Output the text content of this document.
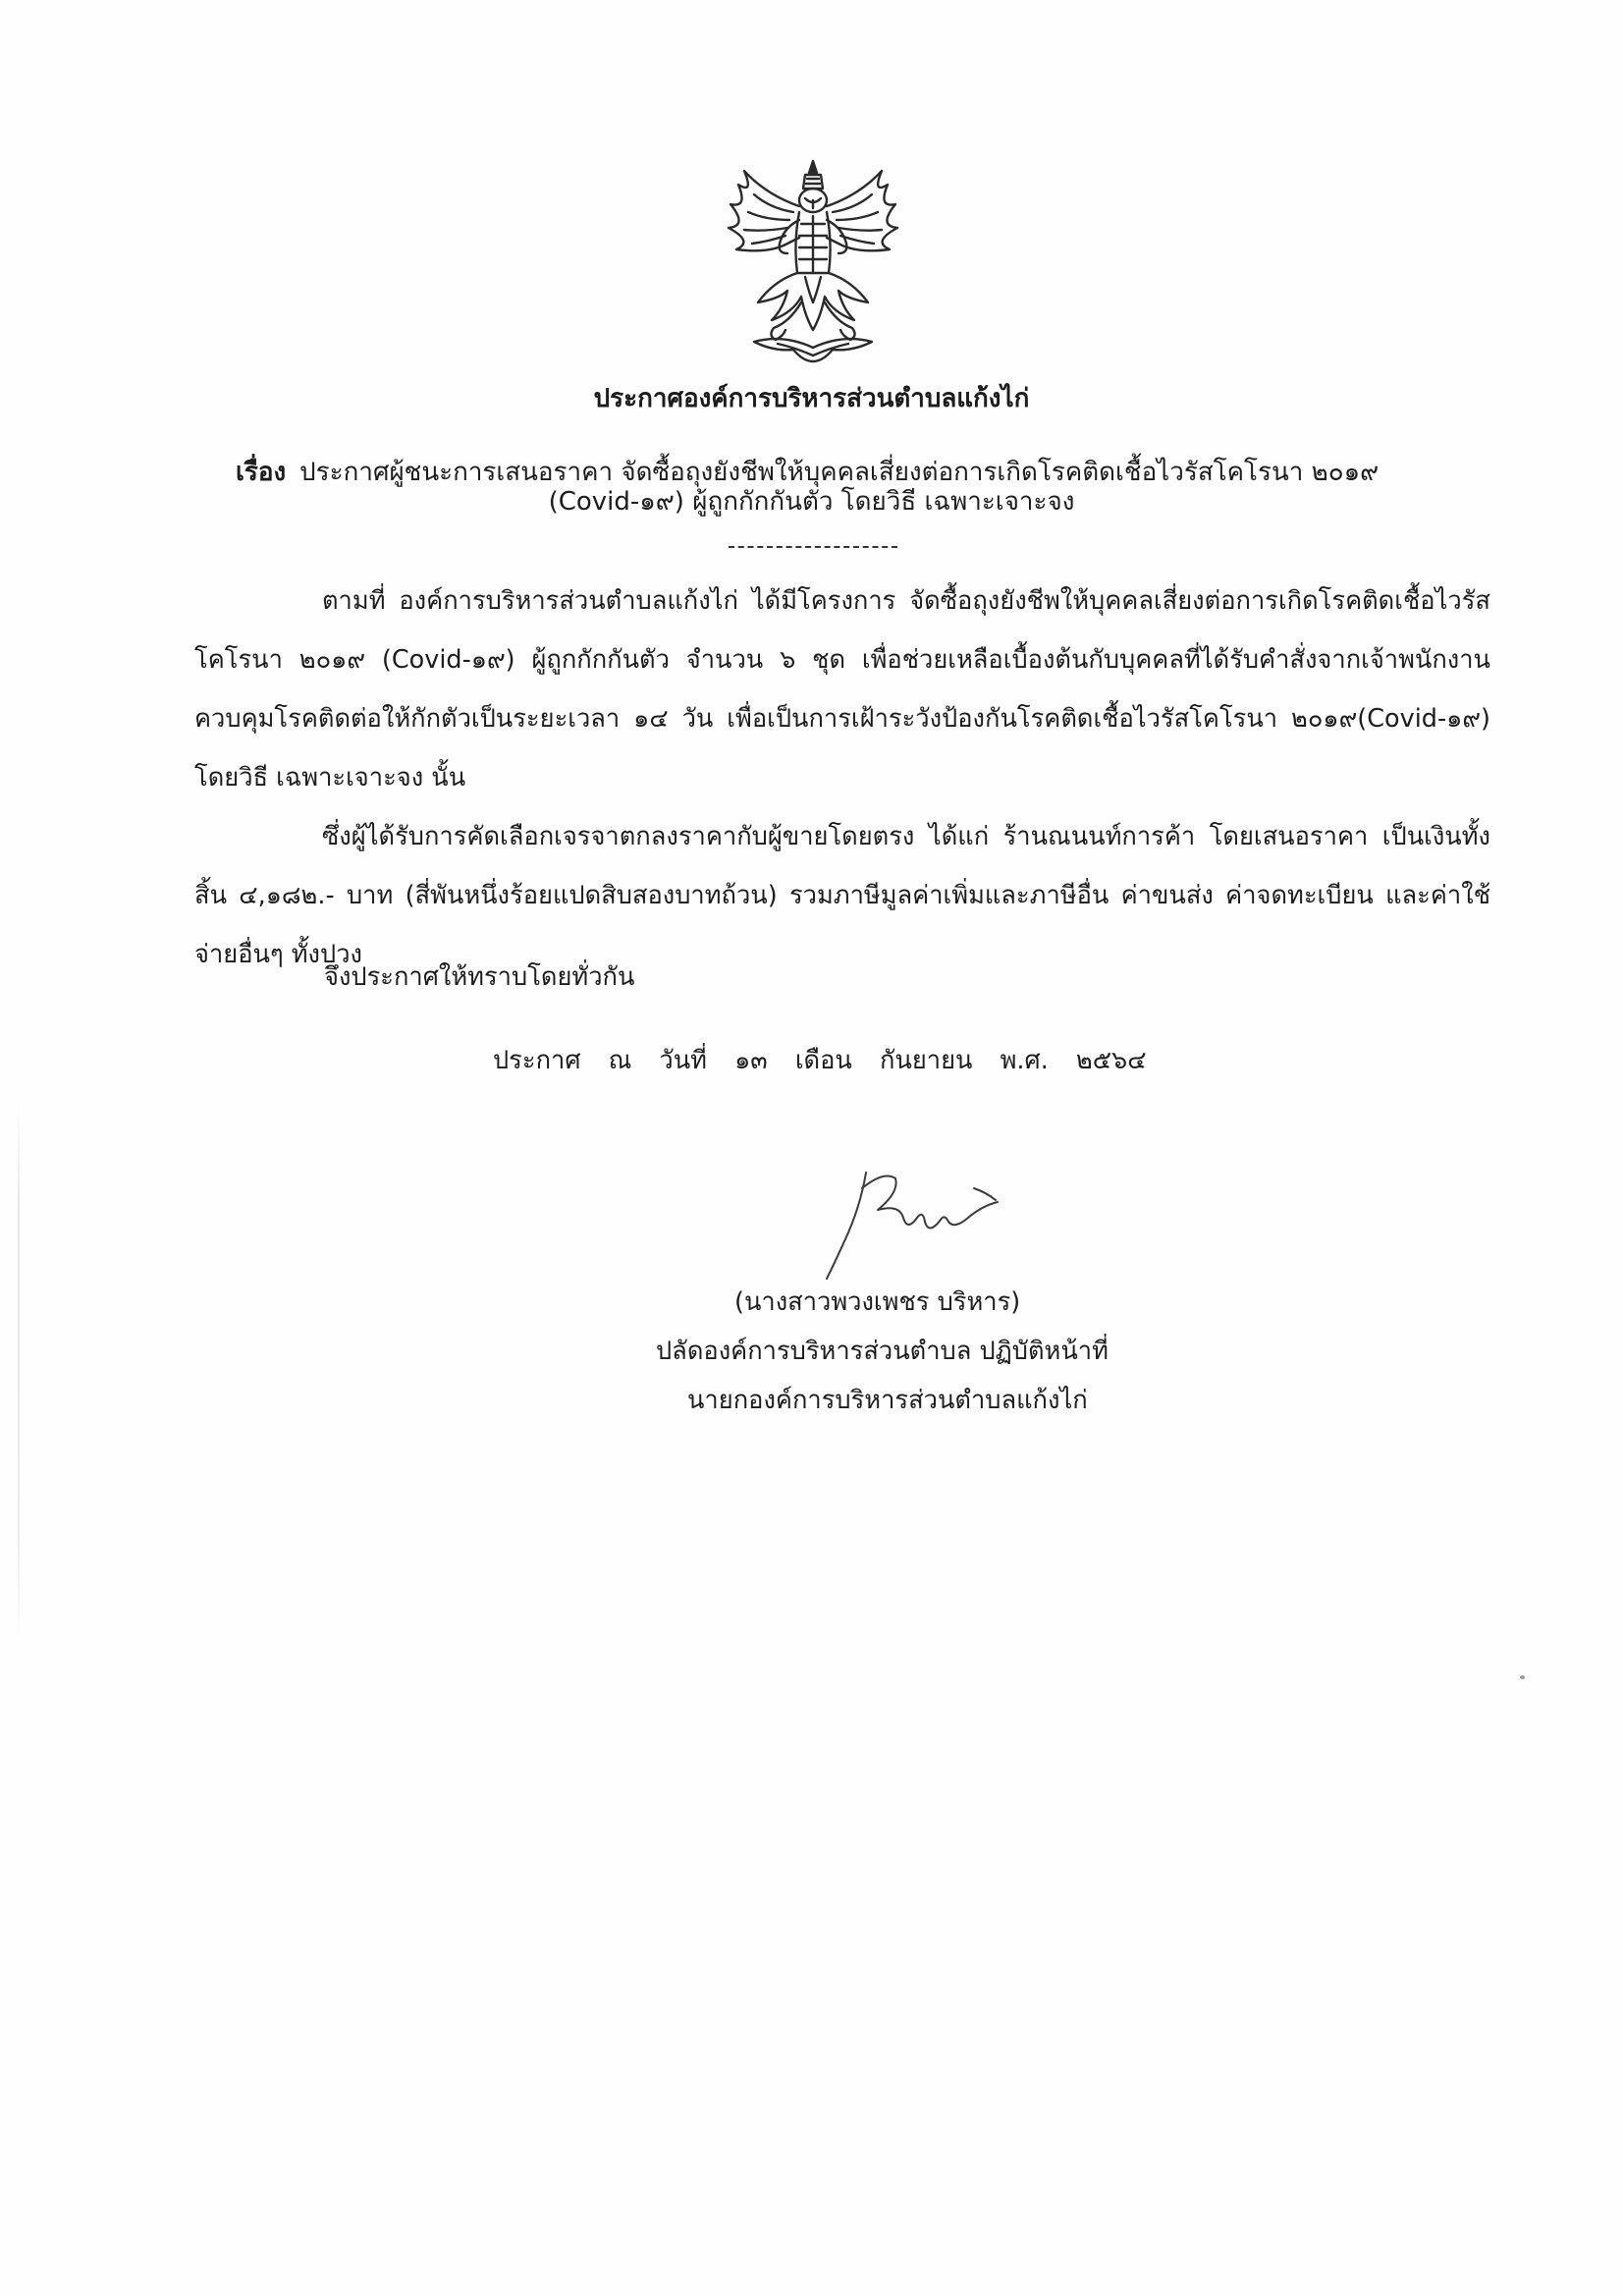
ประกาศองค์การบริหารส่วนตำบลแก้งไก่
เรื่อง ประกาศผู้ชนะการเสนอราคา จัดซื้อถุงยังชีพให้บุคคลเสี่ยงต่อการเกิดโรคติดเชื้อไวรัสโคโรนา ๒๐๑๙
(Covid-๑๙) ผู้ถูกกักกันตัว โดยวิธี เฉพาะเจาะจง

ตามที่ องค์การบริหารส่วนตำบลแก้งไก่ ได้มีโครงการ จัดซื้อถุงยังชีพให้บุคคลเสี่ยงต่อการเกิดโรคติดเชื้อไวรัสโคโรนา ๒๐๑๙ (Covid-๑๙) ผู้ถูกกักกันตัว จำนวน ๖ ชุด เพื่อช่วยเหลือเบื้องต้นกับบุคคลที่ได้รับคำสั่งจากเจ้าพนักงานควบคุมโรคติดต่อให้กักตัวเป็นระยะเวลา ๑๔ วัน เพื่อเป็นการเฝ้าระวังป้องกันโรคติดเชื้อไวรัสโคโรนา ๒๐๑๙(Covid-๑๙) โดยวิธี เฉพาะเจาะจง นั้น

ซึ่งผู้ได้รับการคัดเลือกเจรจาตกลงราคากับผู้ขายโดยตรง ได้แก่ ร้านณนนท์การค้า โดยเสนอราคา เป็นเงินทั้งสิ้น ๔,๑๘๒.- บาท (สี่พันหนึ่งร้อยแปดสิบสองบาทถ้วน) รวมภาษีมูลค่าเพิ่มและภาษีอื่น ค่าขนส่ง ค่าจดทะเบียน และค่าใช้ จ่ายอื่นๆ ทั้งปวง

จึงประกาศให้ทราบโดยทั่วกัน
ประกาศ ณ วันที่ ๑๓ เดือน กันยายน พ.ศ. ๒๕๖๔
(นางสาวพวงเพชร บริหาร)
ปลัดองค์การบริหารส่วนตำบล ปฏิบัติหน้าที่
นายกองค์การบริหารส่วนตำบลแก้งไก่
